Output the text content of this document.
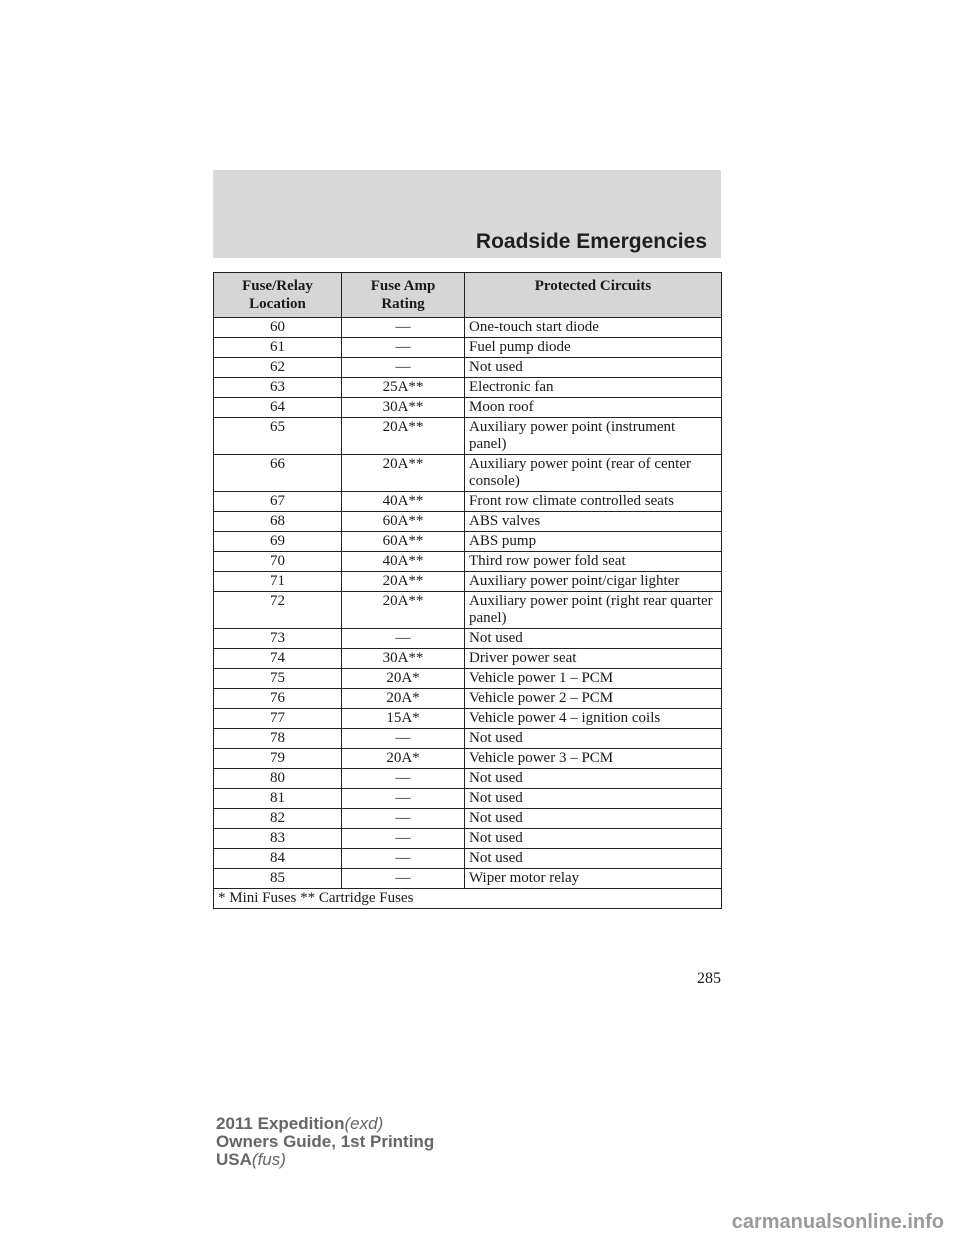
Roadside Emergencies
Fuse/Relay Location	Fuse Amp Rating	Protected Circuits
60	—	One-touch start diode
61	—	Fuel pump diode
62	—	Not used
63	25A**	Electronic fan
64	30A**	Moon roof
65	20A**	Auxiliary power point (instrument panel)
66	20A**	Auxiliary power point (rear of center console)
67	40A**	Front row climate controlled seats
68	60A**	ABS valves
69	60A**	ABS pump
70	40A**	Third row power fold seat
71	20A**	Auxiliary power point/cigar lighter
72	20A**	Auxiliary power point (right rear quarter panel)
73	—	Not used
74	30A**	Driver power seat
75	20A*	Vehicle power 1 – PCM
76	20A*	Vehicle power 2 – PCM
77	15A*	Vehicle power 4 – ignition coils
78	—	Not used
79	20A*	Vehicle power 3 – PCM
80	—	Not used
81	—	Not used
82	—	Not used
83	—	Not used
84	—	Not used
85	—	Wiper motor relay
* Mini Fuses ** Cartridge Fuses		
285
2011 Expedition(exd)
Owners Guide, 1st Printing
USA(fus)
carmanualsonline.info
